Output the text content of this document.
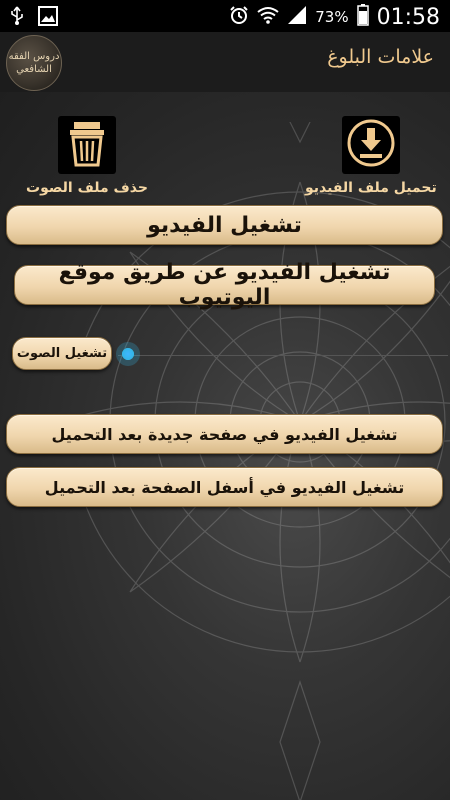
73% 01:58
دروس الفقه الشافعي
علامات البلوغ
تحميل ملف الفيديو
حذف ملف الصوت
تشغيل الفيديو
تشغيل الفيديو عن طريق موقع اليوتيوب
تشغيل الصوت
تشغيل الفيديو في صفحة جديدة بعد التحميل
تشغيل الفيديو في أسفل الصفحة بعد التحميل
